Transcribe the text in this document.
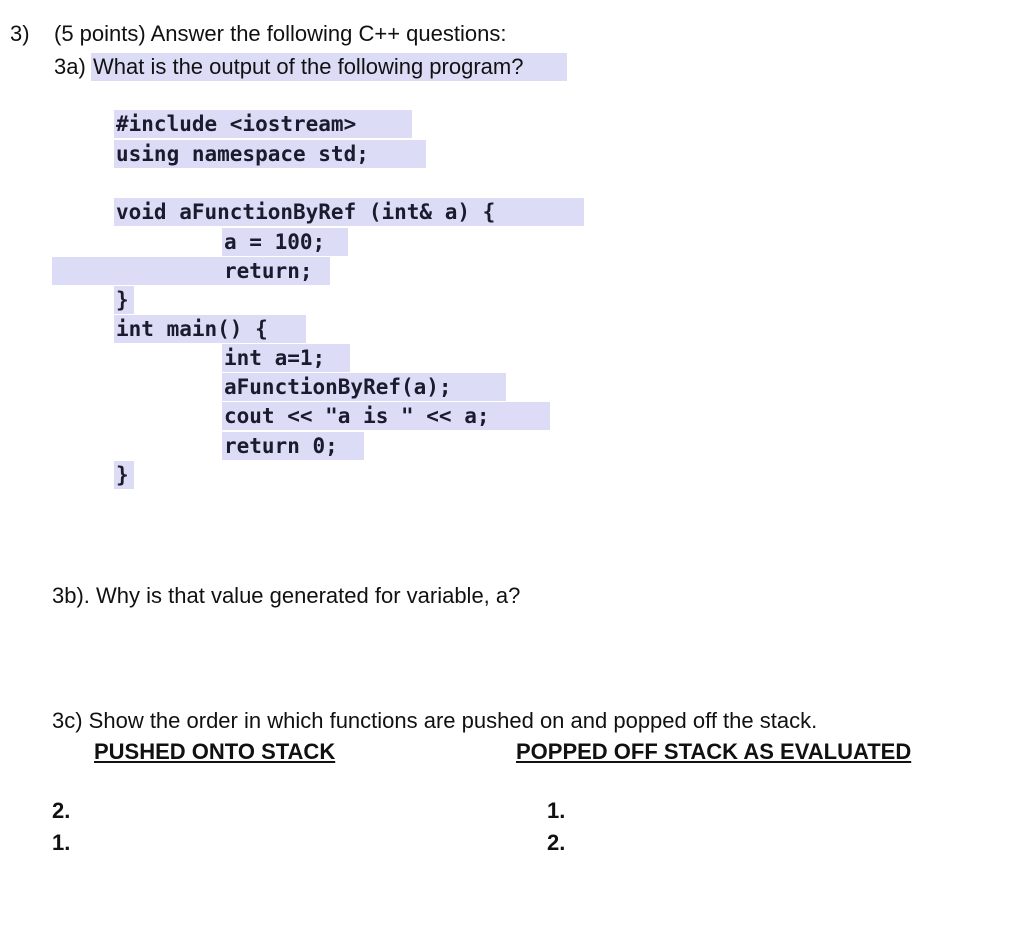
3) (5 points) Answer the following C++ questions:
3a) What is the output of the following program?
#include <iostream>
using namespace std;
void aFunctionByRef (int& a) {
a = 100;
return;
}
int main() {
int a=1;
aFunctionByRef(a);
cout << "a is " << a;
return 0;
}
3b). Why is that value generated for variable, a?
3c) Show the order in which functions are pushed on and popped off the stack.
PUSHED ONTO STACK	POPPED OFF STACK AS EVALUATED
2.
1.
1.
2.
